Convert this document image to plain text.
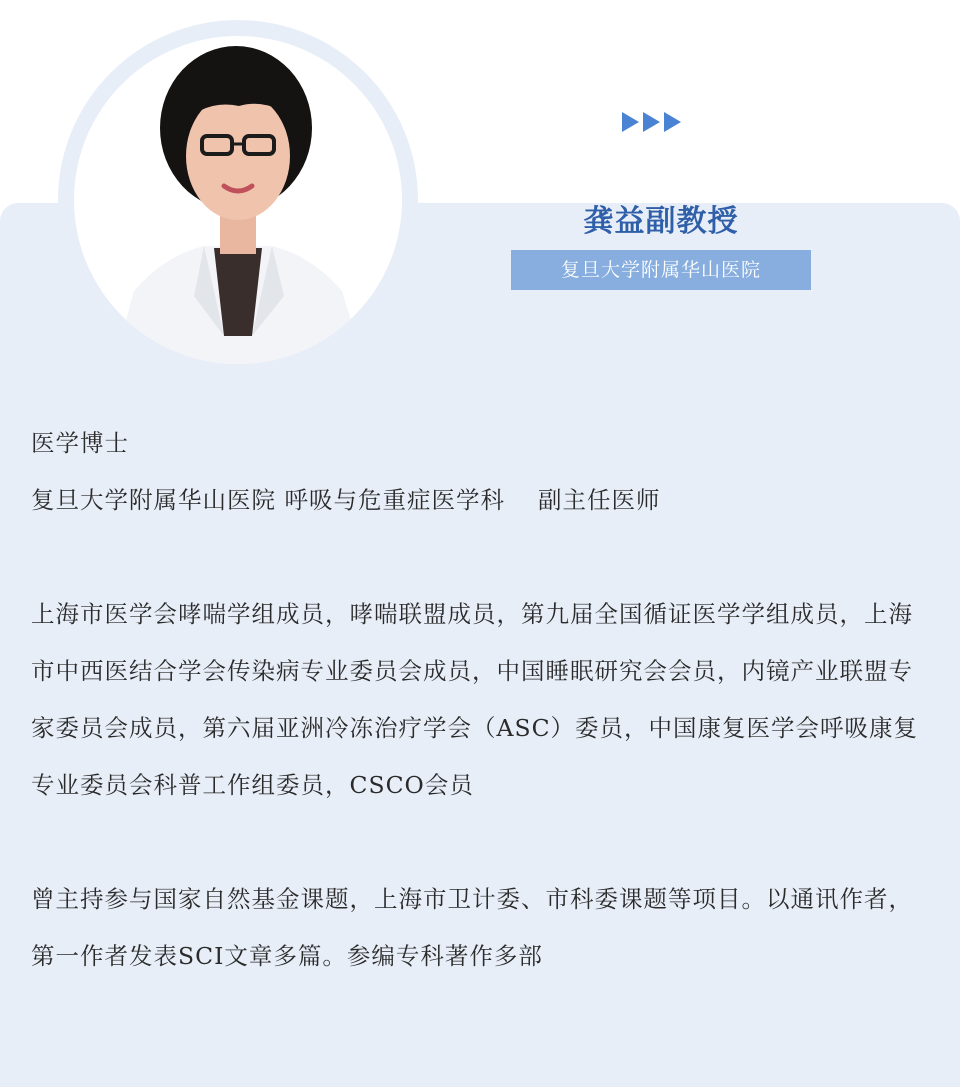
龚益副教授
复旦大学附属华山医院

医学博士

复旦大学附属华山医院 呼吸与危重症医学科　 副主任医师

上海市医学会哮喘学组成员，哮喘联盟成员，第九届全国循证医学学组成员，上海市中西医结合学会传染病专业委员会成员，中国睡眠研究会会员，内镜产业联盟专家委员会成员，第六届亚洲冷冻治疗学会（ASC）委员，中国康复医学会呼吸康复专业委员会科普工作组委员，CSCO会员

曾主持参与国家自然基金课题，上海市卫计委、市科委课题等项目。以通讯作者，第一作者发表SCI文章多篇。参编专科著作多部
